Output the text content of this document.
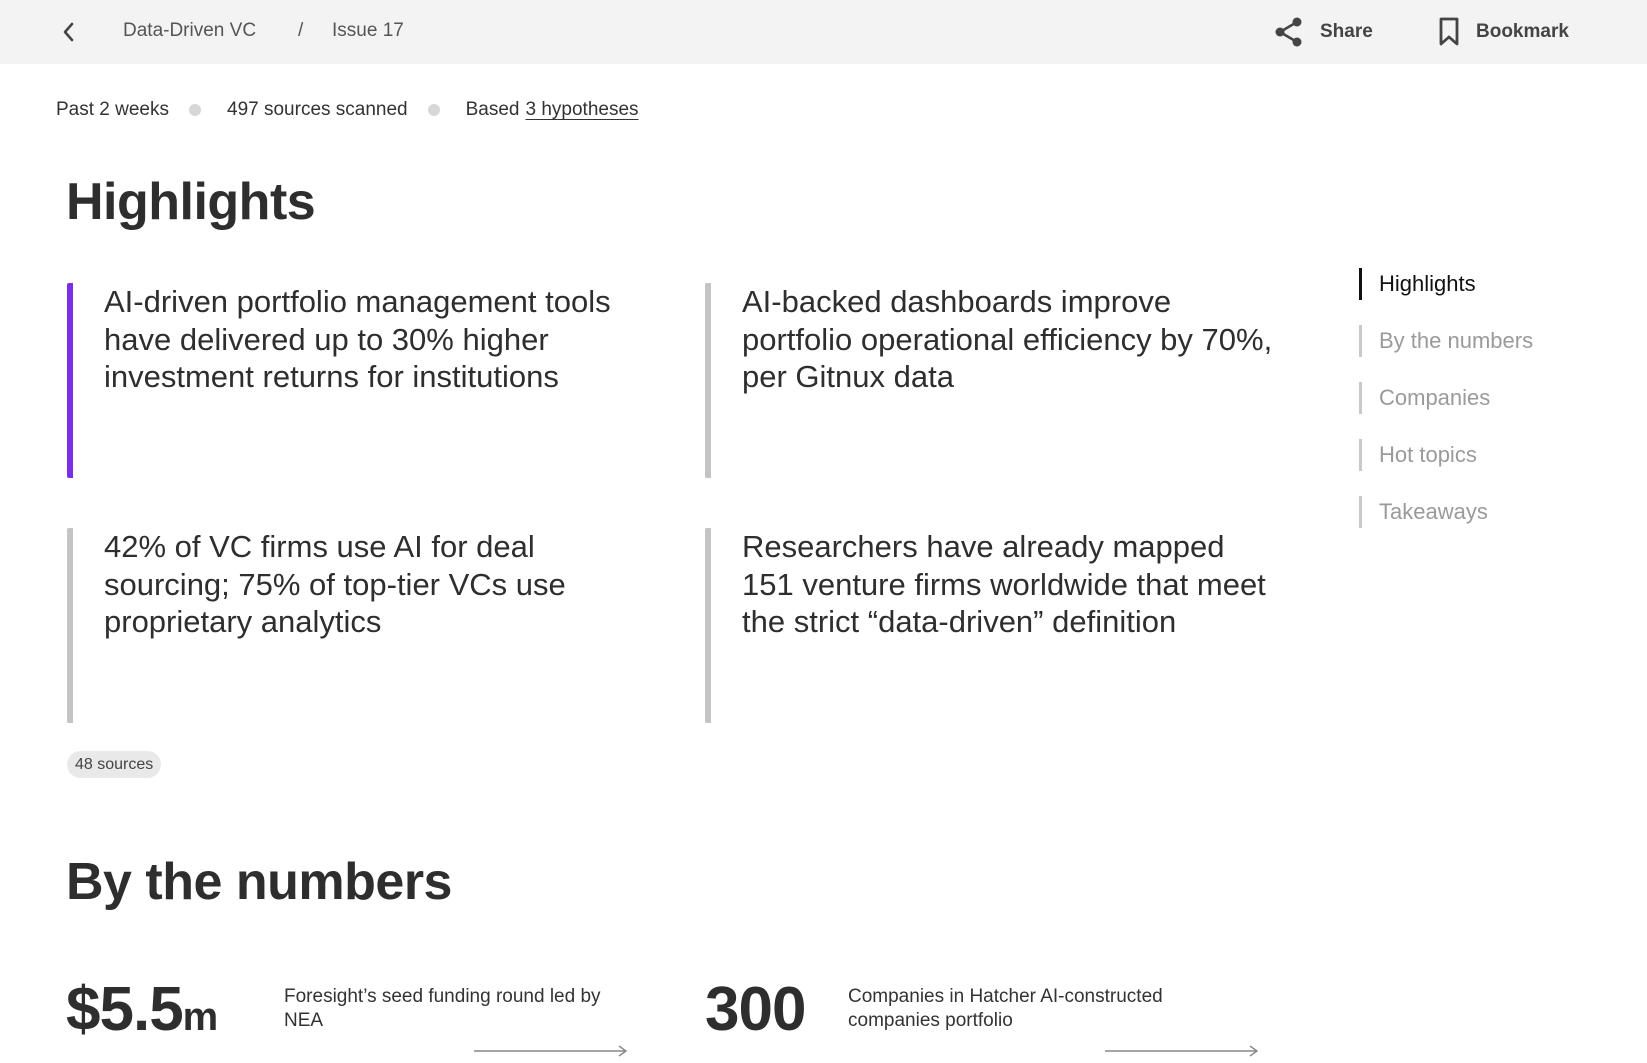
Data-Driven VC / Issue 17	Share	Bookmark
Past 2 weeks	497 sources scanned	Based 3 hypotheses
Highlights
AI-driven portfolio management tools have delivered up to 30% higher investment returns for institutions
AI-backed dashboards improve portfolio operational efficiency by 70%, per Gitnux data
42% of VC firms use AI for deal sourcing; 75% of top-tier VCs use proprietary analytics
Researchers have already mapped 151 venture firms worldwide that meet the strict “data-driven” definition
48 sources
Highlights
By the numbers
Companies
Hot topics
Takeaways
By the numbers
$5.5m	Foresight’s seed funding round led by NEA	300 Companies in Hatcher AI-constructed companies portfolio
